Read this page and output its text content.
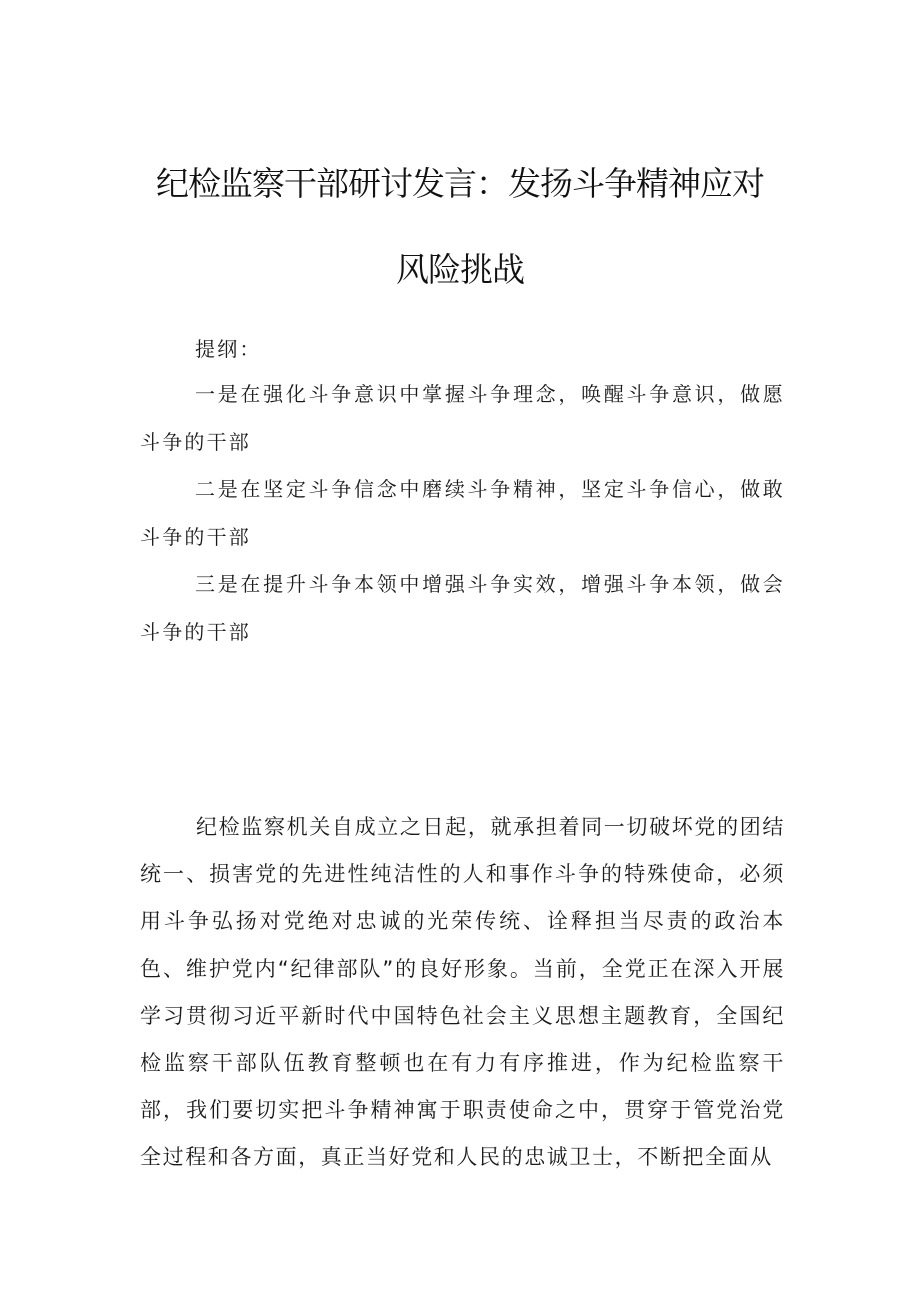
纪检监察干部研讨发言：发扬斗争精神应对
风险挑战
提纲：

一是在强化斗争意识中掌握斗争理念，唤醒斗争意识，做愿斗争的干部

二是在坚定斗争信念中磨续斗争精神，坚定斗争信心，做敢斗争的干部

三是在提升斗争本领中增强斗争实效，增强斗争本领，做会斗争的干部

纪检监察机关自成立之日起，就承担着同一切破坏党的团结统一、损害党的先进性纯洁性的人和事作斗争的特殊使命，必须用斗争弘扬对党绝对忠诚的光荣传统、诠释担当尽责的政治本色、维护党内“纪律部队”的良好形象。当前，全党正在深入开展学习贯彻习近平新时代中国特色社会主义思想主题教育，全国纪检监察干部队伍教育整顿也在有力有序推进，作为纪检监察干部，我们要切实把斗争精神寓于职责使命之中，贯穿于管党治党全过程和各方面，真正当好党和人民的忠诚卫士，不断把全面从
